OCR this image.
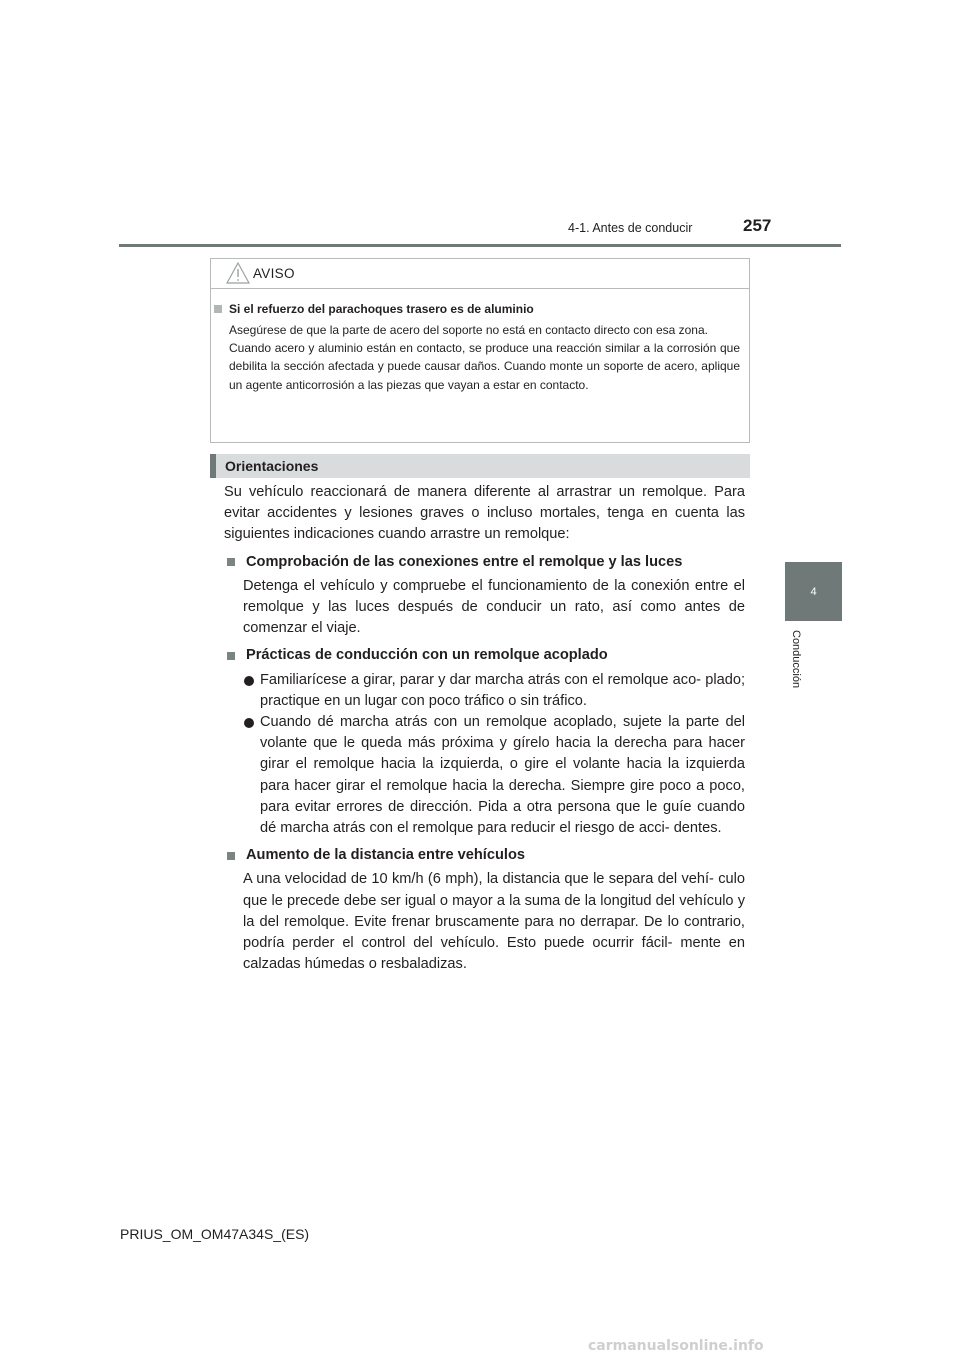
4-1. Antes de conducir	257
4
Conducción
AVISO
Si el refuerzo del parachoques trasero es de aluminio

Asegúrese de que la parte de acero del soporte no está en contacto directo con esa zona.

Cuando acero y aluminio están en contacto, se produce una reacción similar a la corrosión que debilita la sección afectada y puede causar daños. Cuando monte un soporte de acero, aplique un agente anticorrosión a las piezas que vayan a estar en contacto.

Orientaciones

Su vehículo reaccionará de manera diferente al arrastrar un remolque. Para evitar accidentes y lesiones graves o incluso mortales, tenga en cuenta las siguientes indicaciones cuando arrastre un remolque:

Comprobación de las conexiones entre el remolque y las luces

Detenga el vehículo y compruebe el funcionamiento de la conexión entre el remolque y las luces después de conducir un rato, así como antes de comenzar el viaje.

Prácticas de conducción con un remolque acoplado

Familiarícese a girar, parar y dar marcha atrás con el remolque aco- plado; practique en un lugar con poco tráfico o sin tráfico.

Cuando dé marcha atrás con un remolque acoplado, sujete la parte del volante que le queda más próxima y gírelo hacia la derecha para hacer girar el remolque hacia la izquierda, o gire el volante hacia la izquierda para hacer girar el remolque hacia la derecha. Siempre gire poco a poco, para evitar errores de dirección. Pida a otra persona que le guíe cuando dé marcha atrás con el remolque para reducir el riesgo de acci- dentes.

Aumento de la distancia entre vehículos

A una velocidad de 10 km/h (6 mph), la distancia que le separa del vehí- culo que le precede debe ser igual o mayor a la suma de la longitud del vehículo y la del remolque. Evite frenar bruscamente para no derrapar. De lo contrario, podría perder el control del vehículo. Esto puede ocurrir fácil- mente en calzadas húmedas o resbaladizas.

PRIUS_OM_OM47A34S_(ES)
carmanualsonline.info
